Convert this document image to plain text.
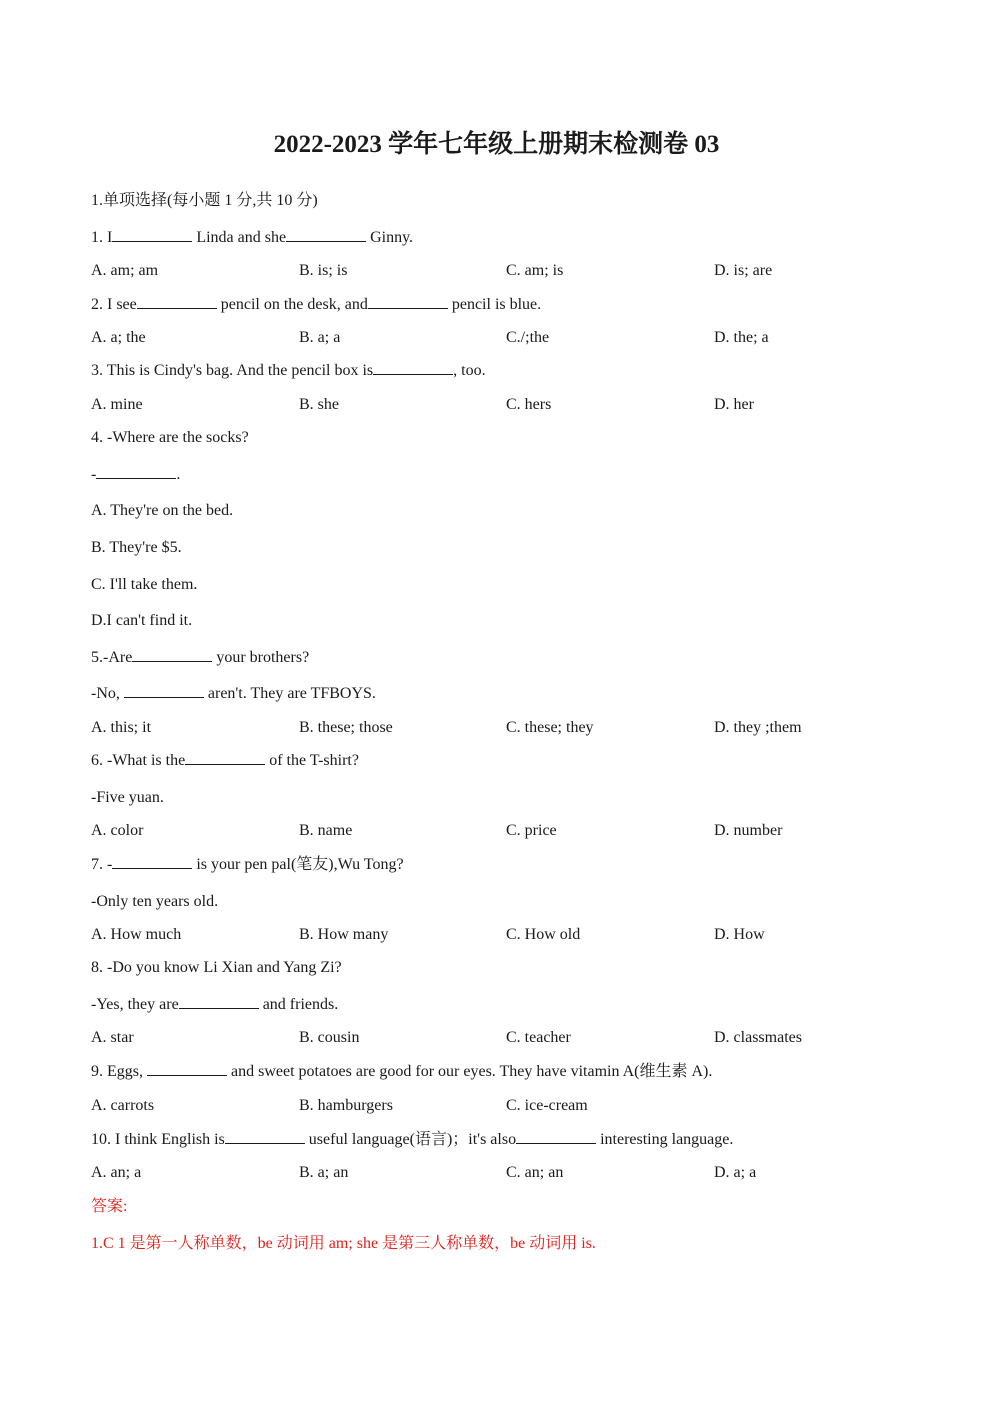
2022-2023 学年七年级上册期末检测卷 03
1.单项选择(每小题 1 分,共 10 分)
1. I	Linda and she	Ginny.
A. am; am	B. is; is	C. am; is	D. is; are
2. I see	pencil on the desk, and	pencil is blue.
A. a; the	B. a; a	C./;the	D. the; a
3. This is Cindy's bag. And the pencil box is	, too.
A. mine	B. she	C. hers	D. her
4. -Where are the socks?
-	.
A. They're on the bed.
B. They're $5.
C. I'll take them.
D.I can't find it.
5.-Are	your brothers?
-No,	aren't. They are TFBOYS.
A. this; it	B. these; those	C. these; they	D. they ;them
6. -What is the	of the T-shirt?
-Five yuan.
A. color	B. name	C. price	D. number
7. -	is your pen pal(笔友),Wu Tong?
-Only ten years old.
A. How much	B. How many	C. How old	D. How
8. -Do you know Li Xian and Yang Zi?
-Yes, they are	and friends.
A. star	B. cousin	C. teacher	D. classmates
9. Eggs,	and sweet potatoes are good for our eyes. They have vitamin A(维生素 A).
A. carrots	B. hamburgers	C. ice-cream
10. I think English is	useful language(语言)；it's also	interesting language.
A. an; a	B. a; an	C. an; an	D. a; a
答案:
1.C 1 是第一人称单数，be 动词用 am; she 是第三人称单数，be 动词用 is.
